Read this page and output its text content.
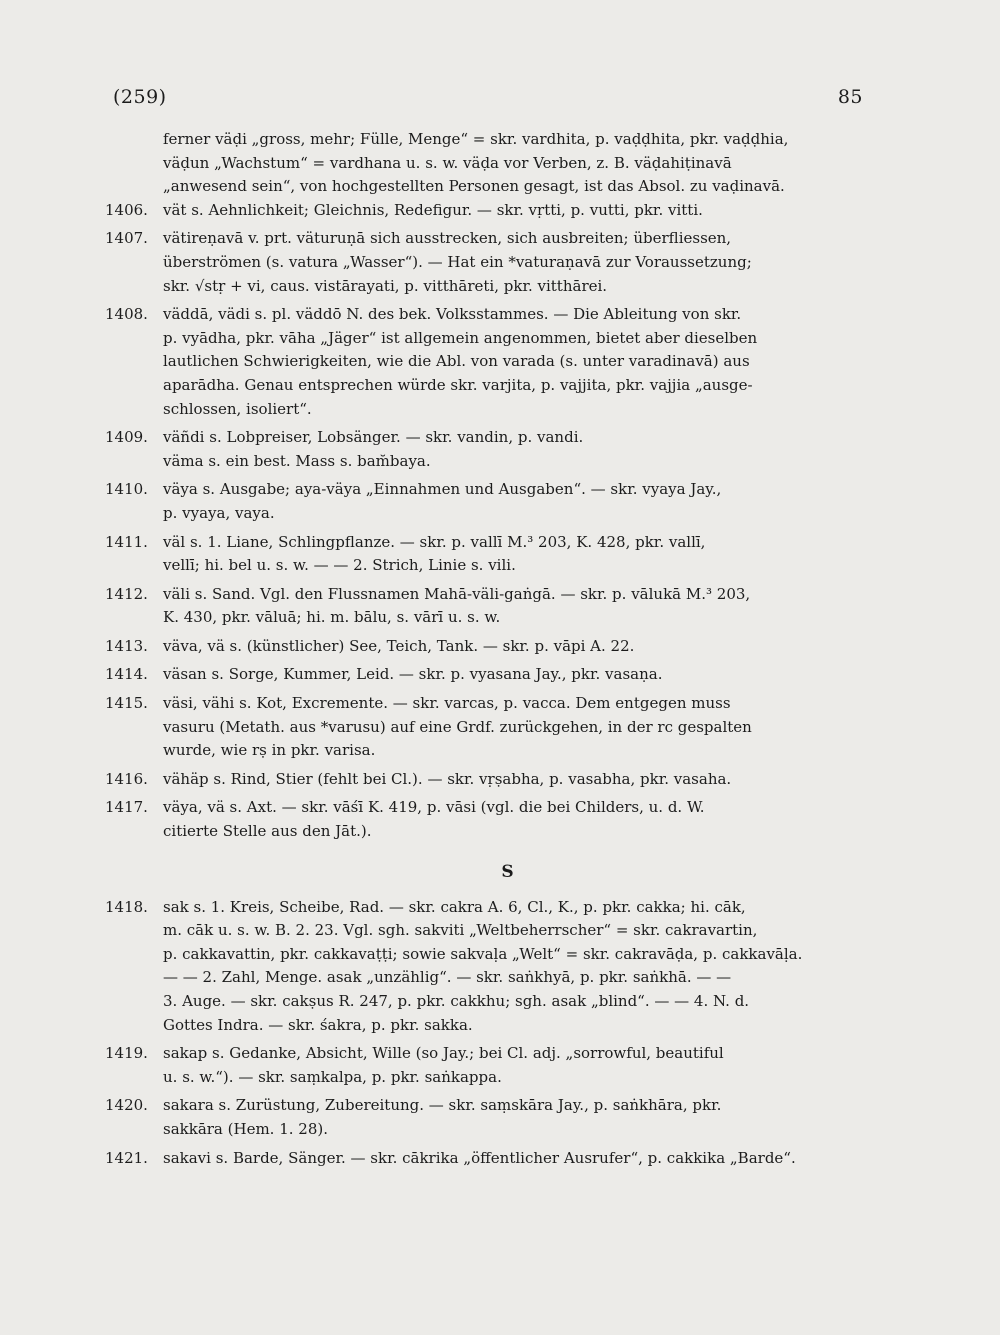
(259)	85
ferner väḍi „gross, mehr; Fülle, Menge“ = skr. vardhita, p. vaḍḍhita, pkr. vaḍḍhia,
väḍun „Wachstum“ = vardhana u. s. w. väḍa vor Verben, z. B. väḍahiṭinavā
„anwesend sein“, von hochgestellten Personen gesagt, ist das Absol. zu vaḍinavā.
1406.	vät s. Aehnlichkeit; Gleichnis, Redefigur. — skr. vṛtti, p. vutti, pkr. vitti.
1407.	vätireṇavā v. prt. väturuṇā sich ausstrecken, sich ausbreiten; überfliessen,
überströmen (s. vatura „Wasser“). — Hat ein *vaturaṇavā zur Voraussetzung;
skr. √stṛ + vi, caus. vistārayati, p. vitthāreti, pkr. vitthārei.
1408.	väddā, vädi s. pl. väddō N. des bek. Volksstammes. — Die Ableitung von skr.
p. vyādha, pkr. vāha „Jäger“ ist allgemein angenommen, bietet aber dieselben
lautlichen Schwierigkeiten, wie die Abl. von varada (s. unter varadinavā) aus
aparādha. Genau entsprechen würde skr. varjita, p. vajjita, pkr. vajjia „ausge-
schlossen, isoliert“.
1409.	väñdi s. Lobpreiser, Lobsänger. — skr. vandin, p. vandi.
väma s. ein best. Mass s. bam̆baya.
1410.	väya s. Ausgabe; aya-väya „Einnahmen und Ausgaben“. — skr. vyaya Jay.,
p. vyaya, vaya.
1411.	väl s. 1. Liane, Schlingpflanze. — skr. p. vallī M.³ 203, K. 428, pkr. vallī,
vellī; hi. bel u. s. w. — — 2. Strich, Linie s. vili.
1412.	väli s. Sand. Vgl. den Flussnamen Mahā-väli-gaṅgā. — skr. p. vālukā M.³ 203,
K. 430, pkr. vāluā; hi. m. bālu, s. vārī u. s. w.
1413.	väva, vä s. (künstlicher) See, Teich, Tank. — skr. p. vāpi A. 22.
1414.	väsan s. Sorge, Kummer, Leid. — skr. p. vyasana Jay., pkr. vasaṇa.
1415.	väsi, vähi s. Kot, Excremente. — skr. varcas, p. vacca. Dem entgegen muss
vasuru (Metath. aus *varusu) auf eine Grdf. zurückgehen, in der rc gespalten
wurde, wie rṣ in pkr. varisa.
1416.	vähäp s. Rind, Stier (fehlt bei Cl.). — skr. vṛṣabha, p. vasabha, pkr. vasaha.
1417.	väya, vä s. Axt. — skr. vāśī K. 419, p. vāsi (vgl. die bei Childers, u. d. W.
citierte Stelle aus den Jāt.).
S
1418.	sak s. 1. Kreis, Scheibe, Rad. — skr. cakra A. 6, Cl., K., p. pkr. cakka; hi. cāk,
m. cāk u. s. w. B. 2. 23. Vgl. sgh. sakviti „Weltbeherrscher“ = skr. cakravartin,
p. cakkavattin, pkr. cakkavaṭṭi; sowie sakvaḷa „Welt“ = skr. cakravāḍa, p. cakkavāḷa.
— — 2. Zahl, Menge. asak „unzählig“. — skr. saṅkhyā, p. pkr. saṅkhā. — —
3. Auge. — skr. cakṣus R. 247, p. pkr. cakkhu; sgh. asak „blind“. — — 4. N. d.
Gottes Indra. — skr. śakra, p. pkr. sakka.
1419.	sakap s. Gedanke, Absicht, Wille (so Jay.; bei Cl. adj. „sorrowful, beautiful
u. s. w.“). — skr. saṃkalpa, p. pkr. saṅkappa.
1420.	sakara s. Zurüstung, Zubereitung. — skr. saṃskāra Jay., p. saṅkhāra, pkr.
sakkāra (Hem. 1. 28).
1421.	sakavi s. Barde, Sänger. — skr. cākrika „öffentlicher Ausrufer“, p. cakkika „Barde“.
